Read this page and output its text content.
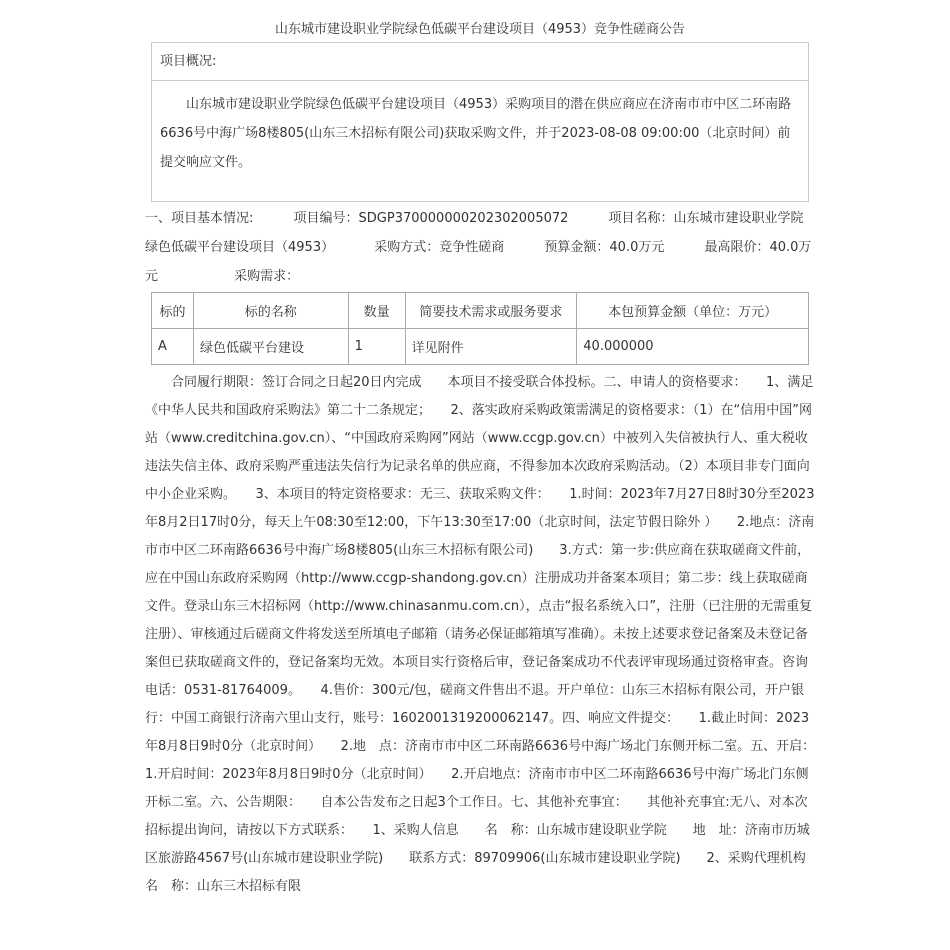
山东城市建设职业学院绿色低碳平台建设项目（4953）竞争性磋商公告
项目概况:
山东城市建设职业学院绿色低碳平台建设项目（4953）采购项目的潜在供应商应在济南市市中区二环南路6636号中海广场8楼805(山东三木招标有限公司)获取采购文件，并于2023-08-08 09:00:00（北京时间）前提交响应文件。
一、项目基本情况:	项目编号：SDGP370000000202302005072	项目名称：山东城市建设职业学院绿色低碳平台建设项目（4953）	采购方式：竞争性磋商	预算金额：40.0万元	最高限价：40.0万元	采购需求：
标的	标的名称	数量	简要技术需求或服务要求	本包预算金额（单位：万元）
A	绿色低碳平台建设	1	详见附件	40.000000

合同履行期限：签订合同之日起20日内完成　　本项目不接受联合体投标。二、申请人的资格要求：　　1、满足《中华人民共和国政府采购法》第二十二条规定；　　2、落实政府采购政策需满足的资格要求：（1）在“信用中国”网站（www.creditchina.gov.cn）、“中国政府采购网”网站（www.ccgp.gov.cn）中被列入失信被执行人、重大税收违法失信主体、政府采购严重违法失信行为记录名单的供应商，不得参加本次政府采购活动。（2）本项目非专门面向中小企业采购。　　3、本项目的特定资格要求：无三、获取采购文件：　　1.时间：2023年7月27日8时30分至2023年8月2日17时0分，每天上午08:30至12:00，下午13:30至17:00（北京时间，法定节假日除外 ）　　2.地点：济南市市中区二环南路6636号中海广场8楼805(山东三木招标有限公司)　　3.方式：第一步:供应商在获取磋商文件前，应在中国山东政府采购网（http://www.ccgp-shandong.gov.cn）注册成功并备案本项目；第二步：线上获取磋商文件。登录山东三木招标网（http://www.chinasanmu.com.cn），点击“报名系统入口”，注册（已注册的无需重复注册）、审核通过后磋商文件将发送至所填电子邮箱（请务必保证邮箱填写准确）。未按上述要求登记备案及未登记备案但已获取磋商文件的，登记备案均无效。本项目实行资格后审，登记备案成功不代表评审现场通过资格审查。咨询电话：0531-81764009。　　4.售价：300元/包，磋商文件售出不退。开户单位：山东三木招标有限公司，开户银行：中国工商银行济南六里山支行，账号：1602001319200062147。四、响应文件提交：　　1.截止时间：2023年8月8日9时0分（北京时间）　　2.地　点：济南市市中区二环南路6636号中海广场北门东侧开标二室。五、开启：　　1.开启时间：2023年8月8日9时0分（北京时间）　　2.开启地点：济南市市中区二环南路6636号中海广场北门东侧开标二室。六、公告期限：　　自本公告发布之日起3个工作日。七、其他补充事宜：　　其他补充事宜:无八、对本次招标提出询问，请按以下方式联系：　　1、采购人信息　　名　称：山东城市建设职业学院　　地　址：济南市历城区旅游路4567号(山东城市建设职业学院)　　联系方式：89709906(山东城市建设职业学院)　　2、采购代理机构　　名　称：山东三木招标有限
